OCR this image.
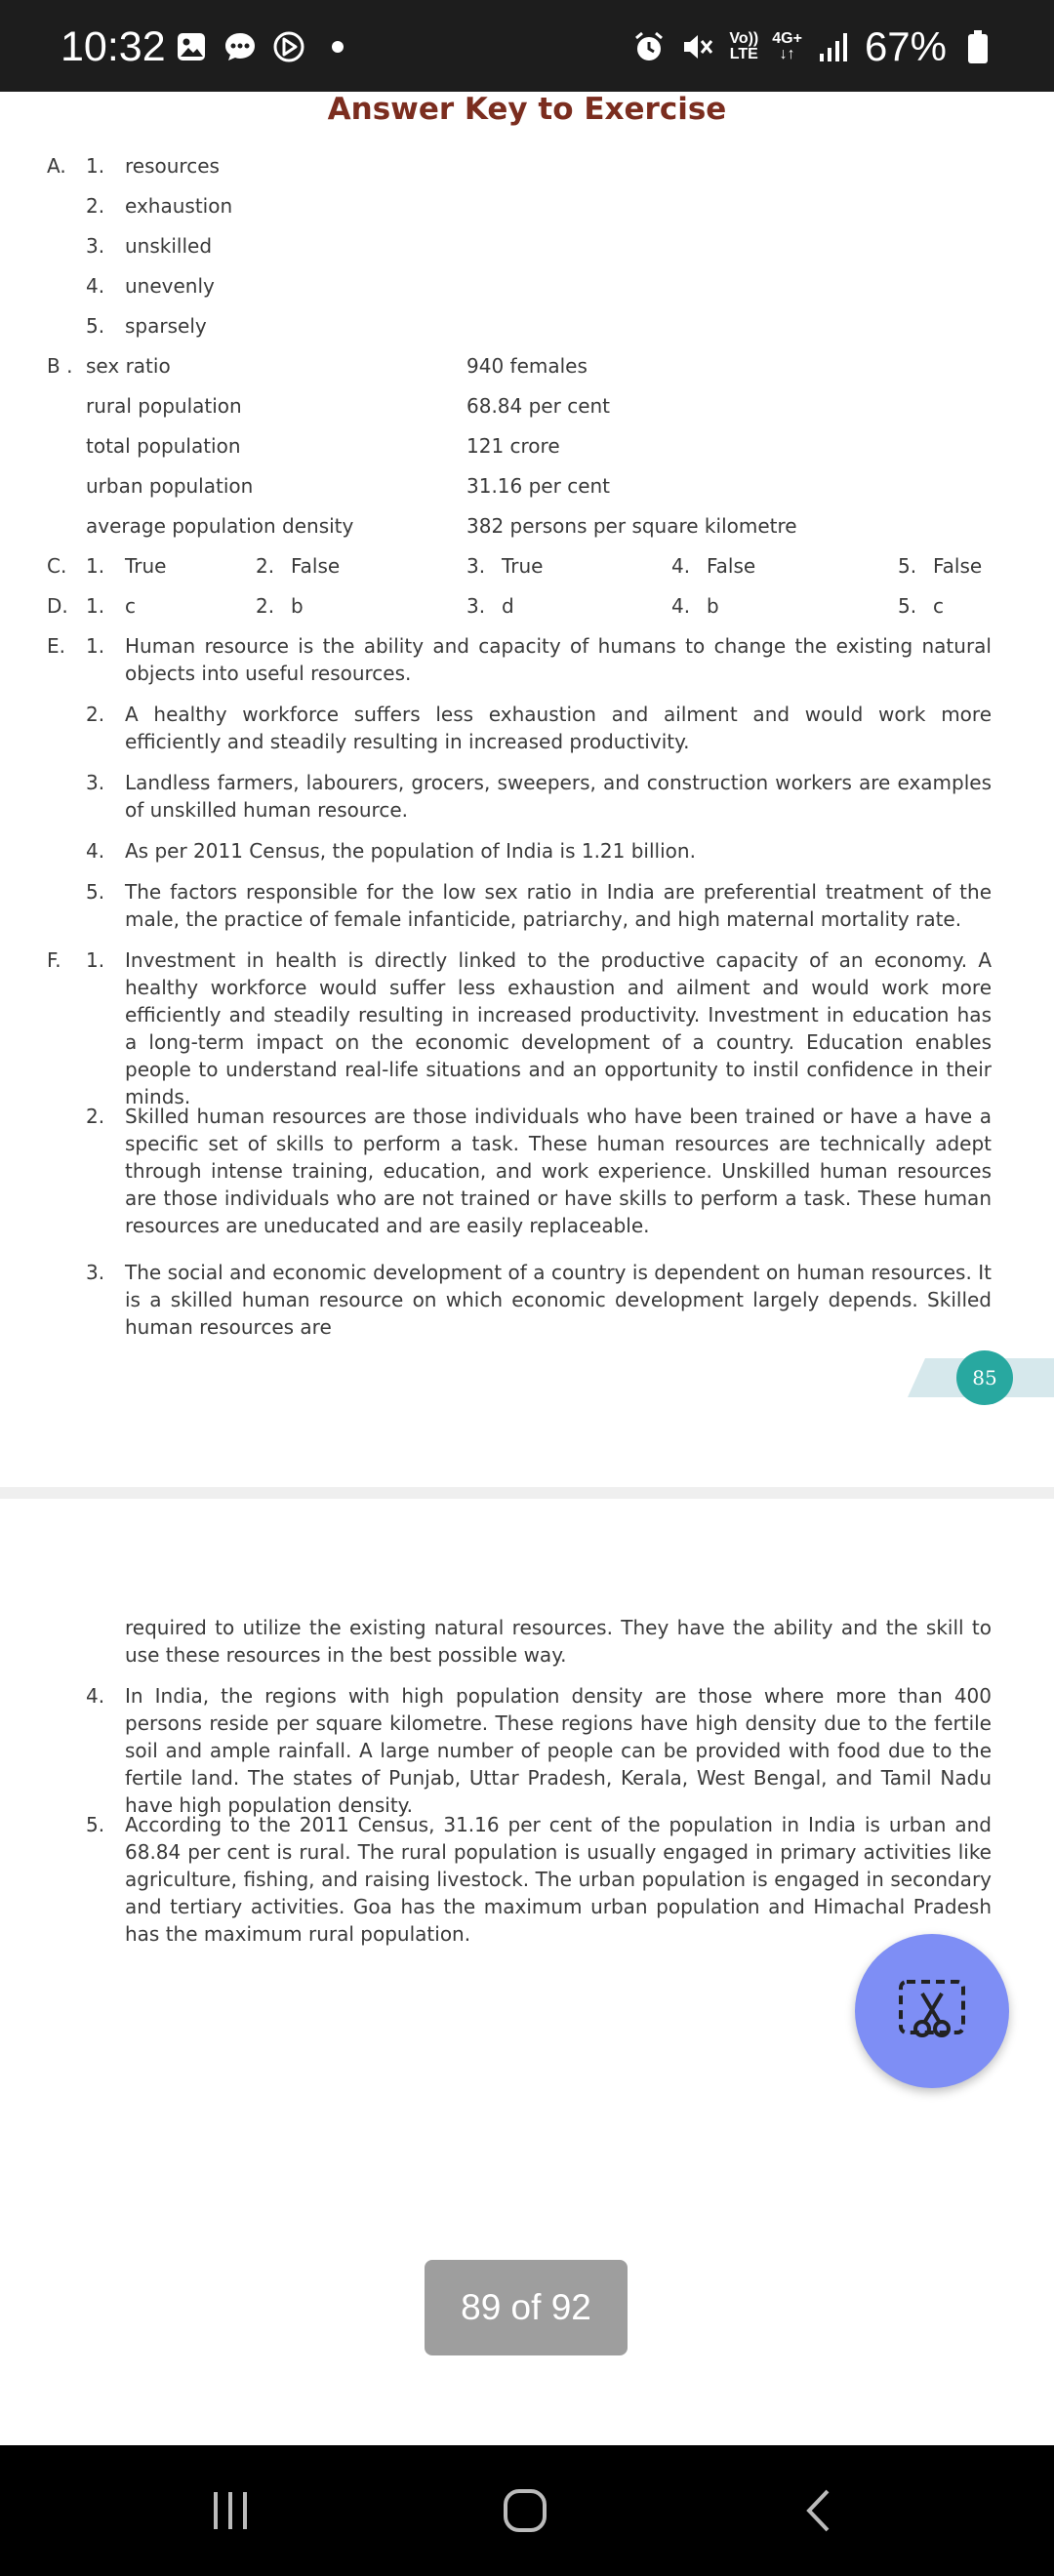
10:32	Vo))
LTE
4G+
↓↑ 67%
Answer Key to Exercise
A. 1. resources
2. exhaustion
3. unskilled
4. unevenly
5. sparsely
B . sex ratio	940 females
rural population	68.84 per cent
total population	121 crore
urban population	31.16 per cent
average population density	382 persons per square kilometre
C. 1. True	2. False	3. True	4. False	5. False
D. 1. c	2. b	3. d	4. b	5. c
E. 1. Human resource is the ability and capacity of humans to change the existing natural objects into useful resources.
2. A healthy workforce suffers less exhaustion and ailment and would work more efficiently and steadily resulting in increased productivity.
3. Landless farmers, labourers, grocers, sweepers, and construction workers are examples of unskilled human resource.
4. As per 2011 Census, the population of India is 1.21 billion.
5. The factors responsible for the low sex ratio in India are preferential treatment of the male, the practice of female infanticide, patriarchy, and high maternal mortality rate.
F. 1. Investment in health is directly linked to the productive capacity of an economy. A healthy workforce would suffer less exhaustion and ailment and would work more efficiently and steadily resulting in increased productivity. Investment in education has a long-term impact on the economic development of a country. Education enables people to understand real-life situations and an opportunity to instil confidence in their minds.
2. Skilled human resources are those individuals who have been trained or have a have a specific set of skills to perform a task. These human resources are technically adept through intense training, education, and work experience. Unskilled human resources are those individuals who are not trained or have skills to perform a task. These human resources are uneducated and are easily replaceable.
3. The social and economic development of a country is dependent on human resources. It is a skilled human resource on which economic development largely depends. Skilled human resources are
85
required to utilize the existing natural resources. They have the ability and the skill to use these resources in the best possible way.
4. In India, the regions with high population density are those where more than 400 persons reside per square kilometre. These regions have high density due to the fertile soil and ample rainfall. A large number of people can be provided with food due to the fertile land. The states of Punjab, Uttar Pradesh, Kerala, West Bengal, and Tamil Nadu have high population density.
5. According to the 2011 Census, 31.16 per cent of the population in India is urban and 68.84 per cent is rural. The rural population is usually engaged in primary activities like agriculture, fishing, and raising livestock. The urban population is engaged in secondary and tertiary activities. Goa has the maximum urban population and Himachal Pradesh has the maximum rural population.
89 of 92
